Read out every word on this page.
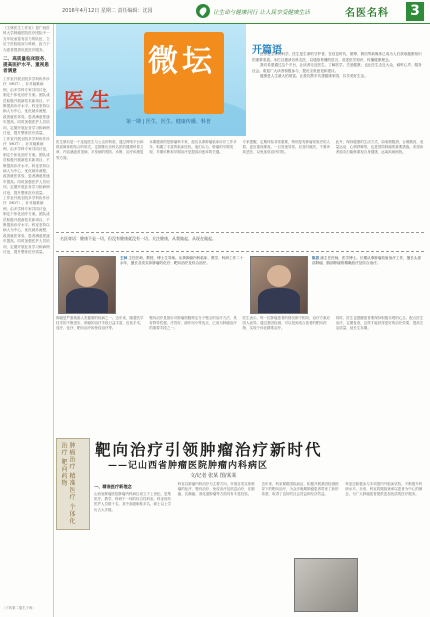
2016年4月12日 星期二 责任编辑：沈园	让生命与健康同行 让人民享受健康生活	名医名科 3
《王林医生工作室》是广西医科大学肿瘤医院医疗团队中一支年轻而富有活力的队伍，立足于医院临床与科研，致力于为患者提供优质医疗服务。
二、高质量临床服务、提高医护水平、重视患者满意
工作室开展全院多学科协作诊疗（MDT），针对疑难病例，由多学科专家共同讨论，制定个体化治疗方案。团队成员积极开展新技术新项目，不断提高诊疗水平。科室坚持以病人为中心，优化就诊流程，改善就医体验，患者满意度逐年提高。同时加强医护人员培训，定期开展业务学习和病例讨论，提升整体医疗质量。
工作室开展全院多学科协作诊疗（MDT），针对疑难病例，由多学科专家共同讨论，制定个体化治疗方案。团队成员积极开展新技术新项目，不断提高诊疗水平。科室坚持以病人为中心，优化就诊流程，改善就医体验，患者满意度逐年提高。同时加强医护人员培训，定期开展业务学习和病例讨论，提升整体医疗质量。
工作室开展全院多学科协作诊疗（MDT），针对疑难病例，由多学科专家共同讨论，制定个体化治疗方案。团队成员积极开展新技术新项目，不断提高诊疗水平。科室坚持以病人为中心，优化就诊流程，改善就医体验，患者满意度逐年提高。同时加强医护人员培训，定期开展业务学习和病例讨论，提升整体医疗质量。
（下转第二版右下角）
微坛
医生
第一期 | 医生、医生、健康传播、科普
开篇语

医学是生命的科学，医生是生命的守护者。在信息时代，微博、微信等新媒体已成为人们获取健康知识的重要渠道。本栏目邀请各科名医，以通俗易懂的语言，讲述医学知识，传播健康理念。

我们希望通过这个平台，让读者走近医生，了解医学，关爱健康；也让医生走近大众，倾听心声，服务社会。欢迎广大读者积极参与，提出宝贵意见和建议。

健康是人生最大的财富。让我们携手共建健康家园，共享美好生活。

医生微坛是一个连接医生与公众的桥梁，通过网络平台和纸质媒体相结合的形式，定期推出各科名医的健康科普文章，内容涵盖常见病、多发病的预防、诊断、治疗和康复等方面。
本期邀请的是肿瘤科专家，他们从事肿瘤临床诊疗工作多年，积累了丰富的临床经验。他们认为，肿瘤的早期发现、早期诊断和早期治疗是提高治愈率的关键。
专家提醒，定期体检非常重要，特别是有肿瘤家族史的人群，更应重视筛查。一旦发现异常，应及时就医，不要讳疾忌医，以免延误治疗时机。
此外，保持健康的生活方式，如戒烟限酒、合理膳食、适量运动、心情舒畅等，也是预防肿瘤的重要措施。希望读者朋友们能够重视自身健康，远离疾病困扰。
名医寄语：健康不是一切，但没有健康就没有一切。关注健康，从我做起，从现在做起。
王林 主任医师，教授，博士生导师。从事肿瘤内科临床、教学、科研工作二十余年，擅长各类实体肿瘤的化疗、靶向治疗及综合治疗。
陈思 副主任医师，医学博士。长期从事肿瘤放射治疗工作，擅长头颈部肿瘤、胸部肿瘤的精确放疗及综合治疗。
肿瘤是严重威胁人类健康的疾病之一。近年来，随着医学技术的不断进步，肿瘤的治疗手段日益丰富，包括手术、放疗、化疗、靶向治疗和免疫治疗等。
靶向治疗是指针对肿瘤细胞特定分子靶点的治疗方法，具有特异性强、疗效好、副作用小等优点，已成为肿瘤治疗的重要手段之一。
医生表示，每一位肿瘤患者的情况都不相同，治疗方案应因人而异。通过基因检测，可以找到适合患者的靶向药物，实现个体化精准治疗。
同时，医生也提醒患者要保持积极乐观的心态，配合医生治疗，定期复查，这样才能获得更好的治疗效果，提高生活质量，延长生存期。
肿瘤治疗 精准医疗 个体化治疗 靶向药物	靶向治疗引领肿瘤治疗新时代
——记山西省肿瘤医院肿瘤内科病区
文/记者 张某 图/某某
一、精准医疗新理念
山西省肿瘤医院肿瘤内科病区成立于上世纪，是集医疗、教学、科研于一体的综合性科室。科室现有医护人员数十名，其中高级职称多名，硕士以上学历占大多数。
科室以肿瘤内科治疗为主要方向，开展各类实体肿瘤的化疗、靶向治疗、免疫治疗及姑息治疗，在肺癌、乳腺癌、消化道肿瘤等方面具有丰富经验。
近年来，科室紧跟国际前沿，积极开展基因检测指导下的靶向治疗，为众多晚期肿瘤患者带来了新的希望，取得了良好的社会效益和经济效益。
科室还积极参与多项国内外临床试验，不断提升科研水平。未来，科室将继续秉承以患者为中心的理念，为广大肿瘤患者提供更加优质的医疗服务。
